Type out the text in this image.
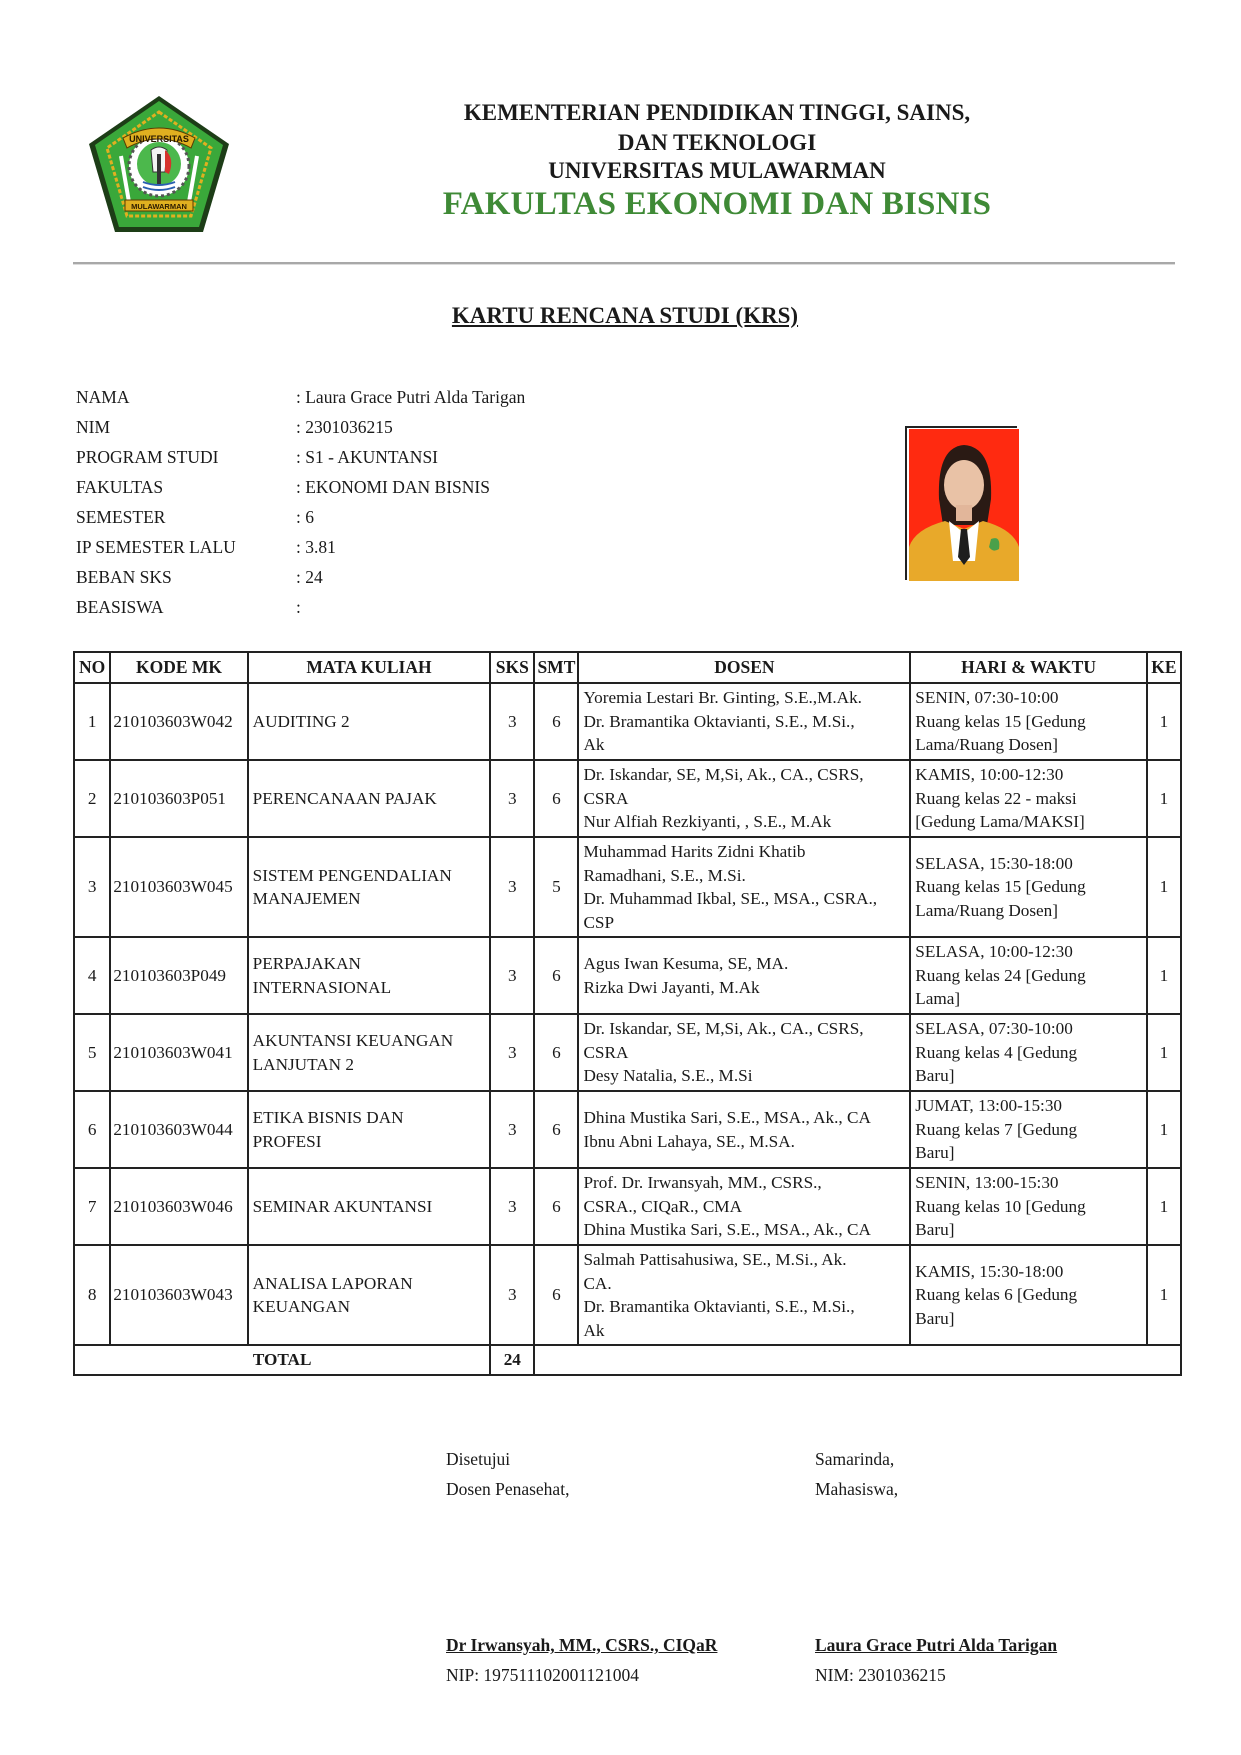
UNIVERSITAS
MULAWARMAN
KEMENTERIAN PENDIDIKAN TINGGI, SAINS,
DAN TEKNOLOGI
UNIVERSITAS MULAWARMAN
FAKULTAS EKONOMI DAN BISNIS
KARTU RENCANA STUDI (KRS)
NAMA	: Laura Grace Putri Alda Tarigan
NIM	: 2301036215
PROGRAM STUDI	: S1 - AKUNTANSI
FAKULTAS	: EKONOMI DAN BISNIS
SEMESTER	: 6
IP SEMESTER LALU	: 3.81
BEBAN SKS	: 24
BEASISWA	:
NO	KODE MK	MATA KULIAH	SKS	SMT	DOSEN	HARI & WAKTU	KE
1	210103603W042	AUDITING 2	3	6	Yoremia Lestari Br. Ginting, S.E.,M.Ak.
Dr. Bramantika Oktavianti, S.E., M.Si.,
Ak	SENIN, 07:30-10:00
Ruang kelas 15 [Gedung
Lama/Ruang Dosen]	1
2	210103603P051	PERENCANAAN PAJAK	3	6	Dr. Iskandar, SE, M,Si, Ak., CA., CSRS,
CSRA
Nur Alfiah Rezkiyanti, , S.E., M.Ak	KAMIS, 10:00-12:30
Ruang kelas 22 - maksi
[Gedung Lama/MAKSI]	1
3	210103603W045	SISTEM PENGENDALIAN
MANAJEMEN	3	5	Muhammad Harits Zidni Khatib
Ramadhani, S.E., M.Si.
Dr. Muhammad Ikbal, SE., MSA., CSRA.,
CSP	SELASA, 15:30-18:00
Ruang kelas 15 [Gedung
Lama/Ruang Dosen]	1
4	210103603P049	PERPAJAKAN
INTERNASIONAL	3	6	Agus Iwan Kesuma, SE, MA.
Rizka Dwi Jayanti, M.Ak	SELASA, 10:00-12:30
Ruang kelas 24 [Gedung
Lama]	1
5	210103603W041	AKUNTANSI KEUANGAN
LANJUTAN 2	3	6	Dr. Iskandar, SE, M,Si, Ak., CA., CSRS,
CSRA
Desy Natalia, S.E., M.Si	SELASA, 07:30-10:00
Ruang kelas 4 [Gedung
Baru]	1
6	210103603W044	ETIKA BISNIS DAN
PROFESI	3	6	Dhina Mustika Sari, S.E., MSA., Ak., CA
Ibnu Abni Lahaya, SE., M.SA.	JUMAT, 13:00-15:30
Ruang kelas 7 [Gedung
Baru]	1
7	210103603W046	SEMINAR AKUNTANSI	3	6	Prof. Dr. Irwansyah, MM., CSRS.,
CSRA., CIQaR., CMA
Dhina Mustika Sari, S.E., MSA., Ak., CA	SENIN, 13:00-15:30
Ruang kelas 10 [Gedung
Baru]	1
8	210103603W043	ANALISA LAPORAN
KEUANGAN	3	6	Salmah Pattisahusiwa, SE., M.Si., Ak.
CA.
Dr. Bramantika Oktavianti, S.E., M.Si.,
Ak	KAMIS, 15:30-18:00
Ruang kelas 6 [Gedung
Baru]	1
TOTAL			24				
Disetujui
Dosen Penasehat,
Dr Irwansyah, MM., CSRS., CIQaR
NIP: 197511102001121004
Samarinda,
Mahasiswa,
Laura Grace Putri Alda Tarigan
NIM: 2301036215
